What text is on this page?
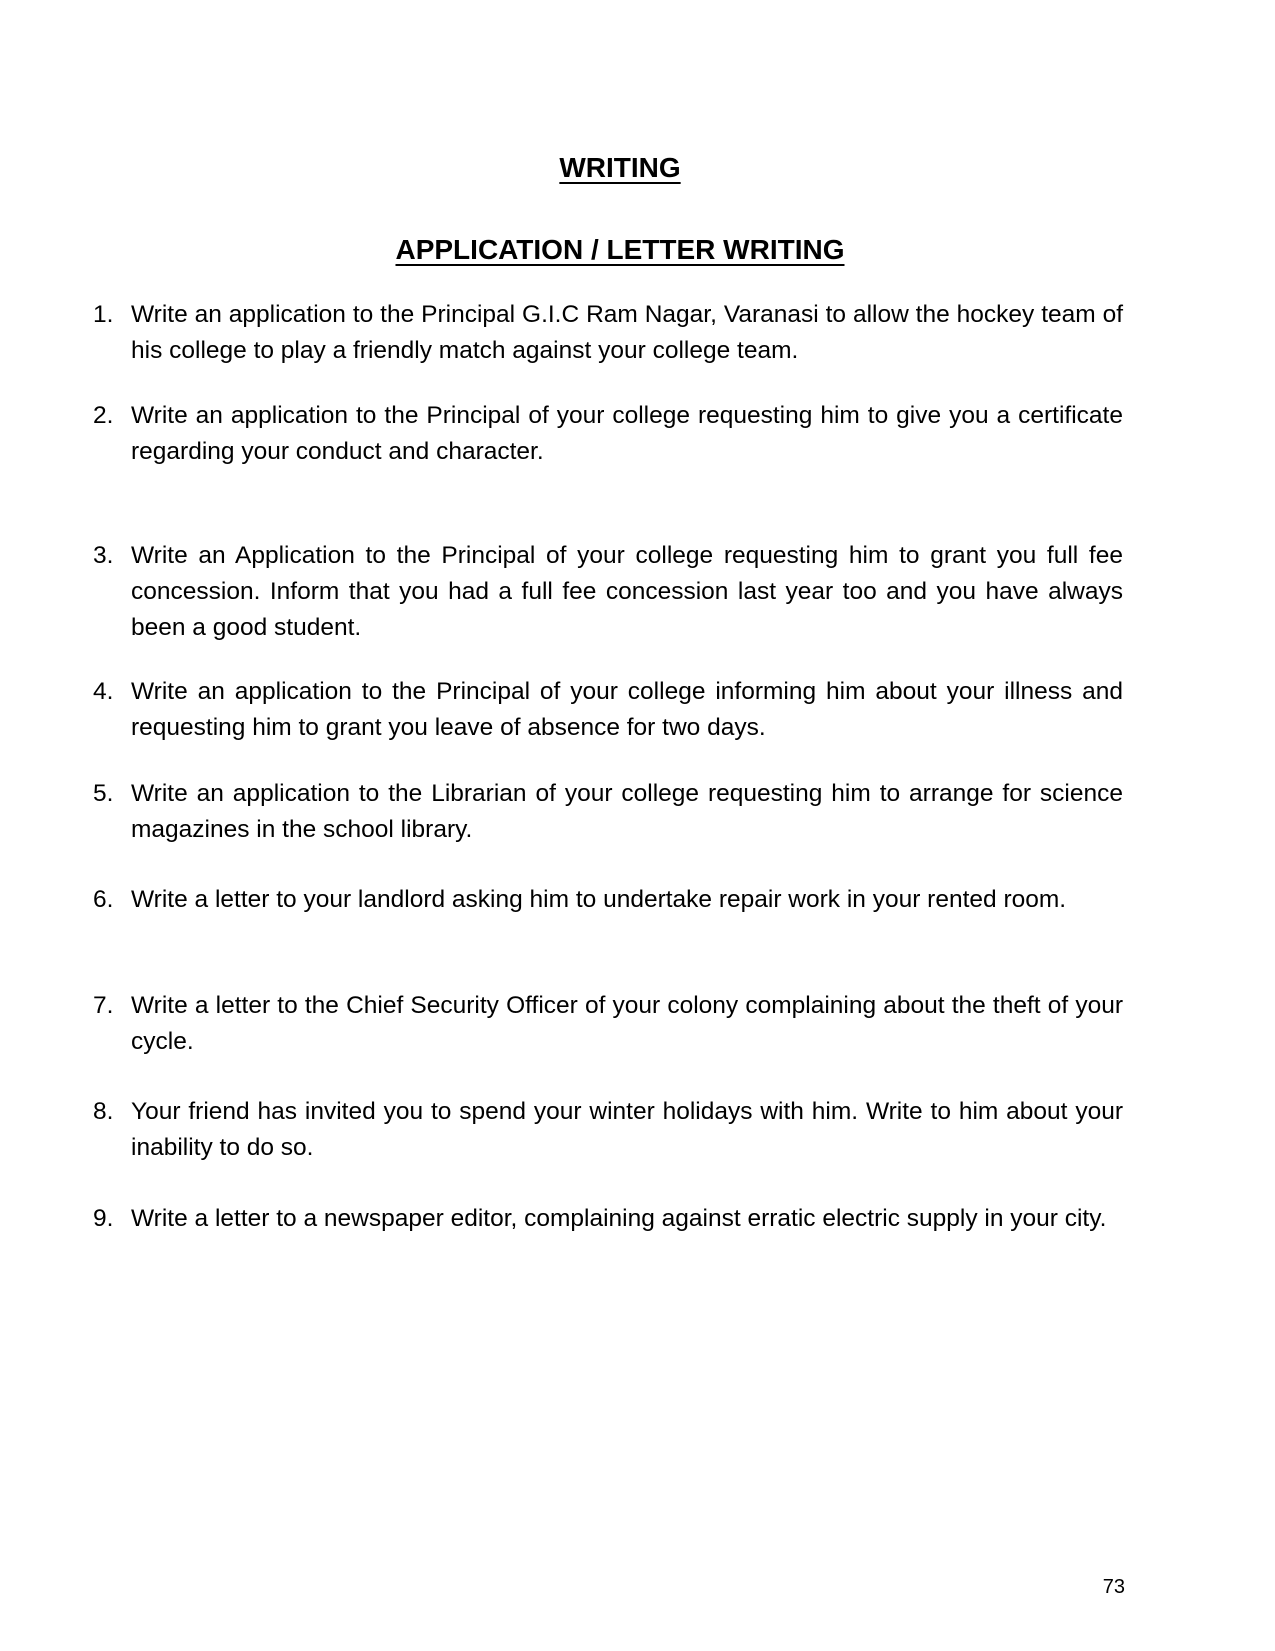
WRITING
APPLICATION / LETTER WRITING
1. Write an application to the Principal G.I.C Ram Nagar, Varanasi to allow the hockey team of his college to play a friendly match against your college team.
2. Write an application to the Principal of your college requesting him to give you a certificate regarding your conduct and character.
3. Write an Application to the Principal of your college requesting him to grant you full fee concession. Inform that you had a full fee concession last year too and you have always been a good student.
4. Write an application to the Principal of your college informing him about your illness and requesting him to grant you leave of absence for two days.
5. Write an application to the Librarian of your college requesting him to arrange for science magazines in the school library.
6. Write a letter to your landlord asking him to undertake repair work in your rented room.
7. Write a letter to the Chief Security Officer of your colony complaining about the theft of your cycle.
8. Your friend has invited you to spend your winter holidays with him. Write to him about your inability to do so.
9. Write a letter to a newspaper editor, complaining against erratic electric supply in your city.
73
